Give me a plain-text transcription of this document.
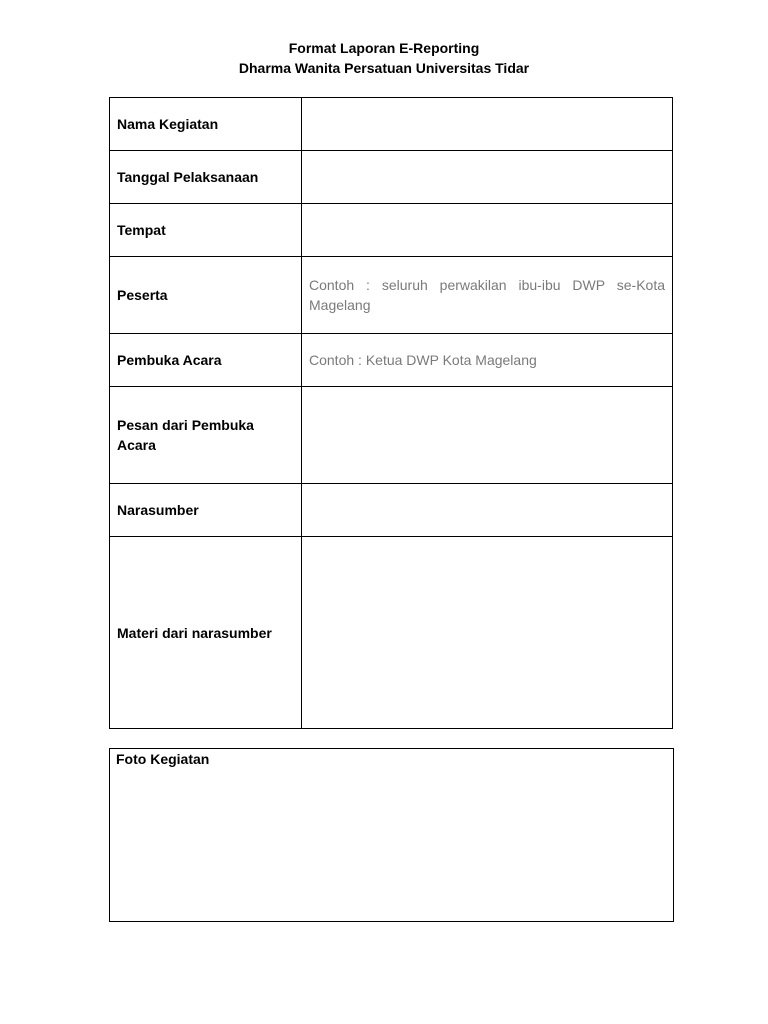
Format Laporan E-Reporting
Dharma Wanita Persatuan Universitas Tidar
Nama Kegiatan	
Tanggal Pelaksanaan	
Tempat	
Peserta	Contoh : seluruh perwakilan ibu-ibu DWP se-Kota Magelang
Pembuka Acara	Contoh : Ketua DWP Kota Magelang
Pesan dari Pembuka Acara	
Narasumber	
Materi dari narasumber	
Foto Kegiatan
